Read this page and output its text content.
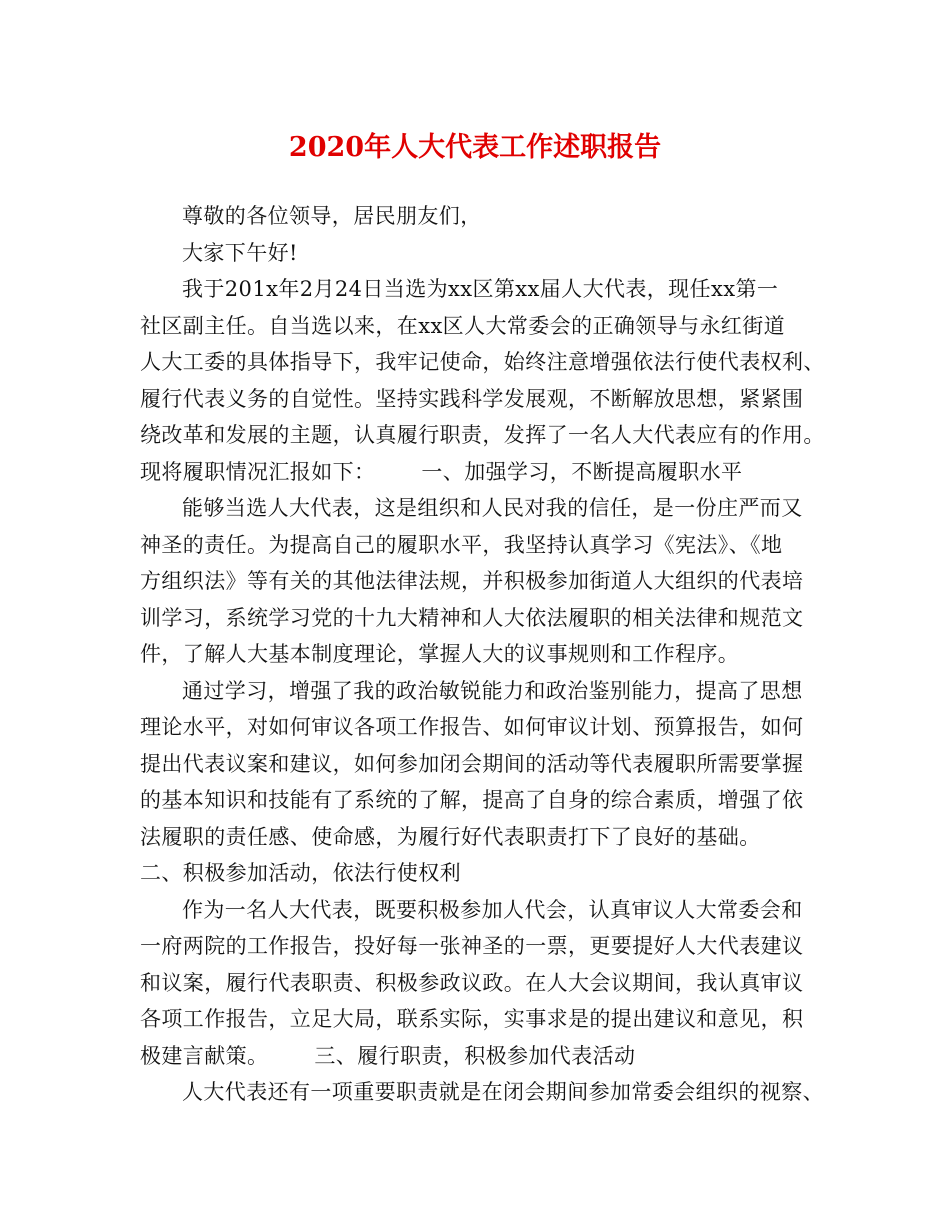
2020年人大代表工作述职报告
尊敬的各位领导，居民朋友们，
大家下午好!
我于201x年2月24日当选为xx区第xx届人大代表，现任xx第一
社区副主任。自当选以来，在xx区人大常委会的正确领导与永红街道
人大工委的具体指导下，我牢记使命，始终注意增强依法行使代表权利、
履行代表义务的自觉性。坚持实践科学发展观，不断解放思想，紧紧围
绕改革和发展的主题，认真履行职责，发挥了一名人大代表应有的作用。
现将履职情况汇报如下： 一、加强学习，不断提高履职水平
能够当选人大代表，这是组织和人民对我的信任，是一份庄严而又
神圣的责任。为提高自己的履职水平，我坚持认真学习《宪法》、《地
方组织法》等有关的其他法律法规，并积极参加街道人大组织的代表培
训学习，系统学习党的十九大精神和人大依法履职的相关法律和规范文
件，了解人大基本制度理论，掌握人大的议事规则和工作程序。
通过学习，增强了我的政治敏锐能力和政治鉴别能力，提高了思想
理论水平，对如何审议各项工作报告、如何审议计划、预算报告，如何
提出代表议案和建议，如何参加闭会期间的活动等代表履职所需要掌握
的基本知识和技能有了系统的了解，提高了自身的综合素质，增强了依
法履职的责任感、使命感，为履行好代表职责打下了良好的基础。
二、积极参加活动，依法行使权利
作为一名人大代表，既要积极参加人代会，认真审议人大常委会和
一府两院的工作报告，投好每一张神圣的一票，更要提好人大代表建议
和议案，履行代表职责、积极参政议政。在人大会议期间，我认真审议
各项工作报告，立足大局，联系实际，实事求是的提出建议和意见，积
极建言献策。 三、履行职责，积极参加代表活动
人大代表还有一项重要职责就是在闭会期间参加常委会组织的视察、
